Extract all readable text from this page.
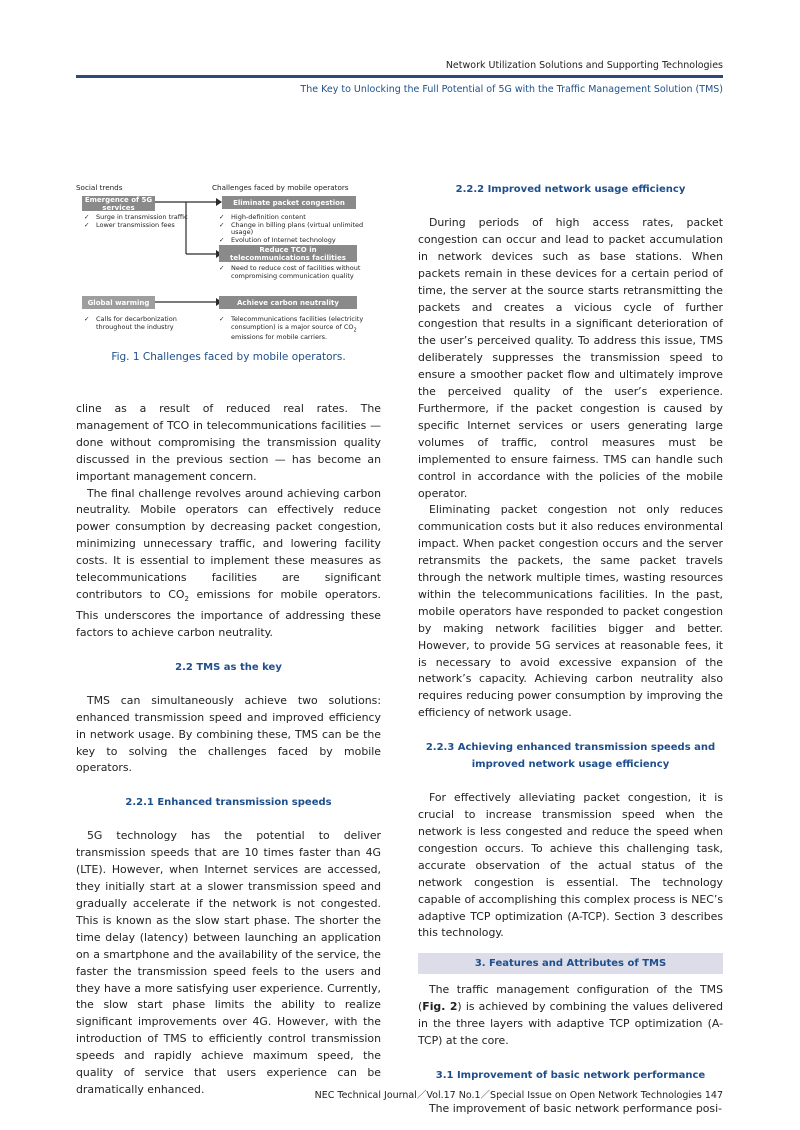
Network Utilization Solutions and Supporting Technologies
The Key to Unlocking the Full Potential of 5G with the Traffic Management Solution (TMS)
Social trends	Challenges faced by mobile operators
Emergence of 5G services
✓ Surge in transmission traffic
✓ Lower transmission fees
Eliminate packet congestion
✓ High-definition content
✓ Change in billing plans (virtual unlimited usage)
✓ Evolution of Internet technology
Reduce TCO in telecommunications facilities
✓ Need to reduce cost of facilities without compromising communication quality
Global warming
✓ Calls for decarbonization throughout the industry
Achieve carbon neutrality
✓ Telecommunications facilities (electricity consumption) is a major source of $CO_2$ emissions for mobile carriers.
Fig. 1 Challenges faced by mobile operators.

cline as a result of reduced real rates. The management of TCO in telecommunications facilities — done without compromising the transmission quality discussed in the previous section — has become an important management concern.

The final challenge revolves around achieving carbon neutrality. Mobile operators can effectively reduce power consumption by decreasing packet congestion, minimizing unnecessary traffic, and lowering facility costs. It is essential to implement these measures as telecommunications facilities are significant contributors to $CO_2$ emissions for mobile operators. This underscores the importance of addressing these factors to achieve carbon neutrality.

2.2 TMS as the key

TMS can simultaneously achieve two solutions: enhanced transmission speed and improved efficiency in network usage. By combining these, TMS can be the key to solving the challenges faced by mobile operators.

2.2.1 Enhanced transmission speeds

5G technology has the potential to deliver transmission speeds that are 10 times faster than 4G (LTE). However, when Internet services are accessed, they initially start at a slower transmission speed and gradually accelerate if the network is not congested. This is known as the slow start phase. The shorter the time delay (latency) between launching an application on a smartphone and the availability of the service, the faster the transmission speed feels to the users and they have a more satisfying user experience. Currently, the slow start phase limits the ability to realize significant improvements over 4G. However, with the introduction of TMS to efficiently control transmission speeds and rapidly achieve maximum speed, the quality of service that users experience can be dramatically enhanced.

2.2.2 Improved network usage efficiency

During periods of high access rates, packet congestion can occur and lead to packet accumulation in network devices such as base stations. When packets remain in these devices for a certain period of time, the server at the source starts retransmitting the packets and creates a vicious cycle of further congestion that results in a significant deterioration of the user’s perceived quality. To address this issue, TMS deliberately suppresses the transmission speed to ensure a smoother packet flow and ultimately improve the perceived quality of the user’s experience. Furthermore, if the packet congestion is caused by specific Internet services or users generating large volumes of traffic, control measures must be implemented to ensure fairness. TMS can handle such control in accordance with the policies of the mobile operator.

Eliminating packet congestion not only reduces communication costs but it also reduces environmental impact. When packet congestion occurs and the server retransmits the packets, the same packet travels through the network multiple times, wasting resources within the telecommunications facilities. In the past, mobile operators have responded to packet congestion by making network facilities bigger and better. However, to provide 5G services at reasonable fees, it is necessary to avoid excessive expansion of the network’s capacity. Achieving carbon neutrality also requires reducing power consumption by improving the efficiency of network usage.

2.2.3 Achieving enhanced transmission speeds and improved network usage efficiency

For effectively alleviating packet congestion, it is crucial to increase transmission speed when the network is less congested and reduce the speed when congestion occurs. To achieve this challenging task, accurate observation of the actual status of the network congestion is essential. The technology capable of accomplishing this complex process is NEC’s adaptive TCP optimization (A-TCP). Section 3 describes this technology.

3. Features and Attributes of TMS

The traffic management configuration of the TMS (Fig. 2) is achieved by combining the values delivered in the three layers with adaptive TCP optimization (A-TCP) at the core.

3.1 Improvement of basic network performance

The improvement of basic network performance posi-

NEC Technical Journal／Vol.17 No.1／Special Issue on Open Network Technologies 147
